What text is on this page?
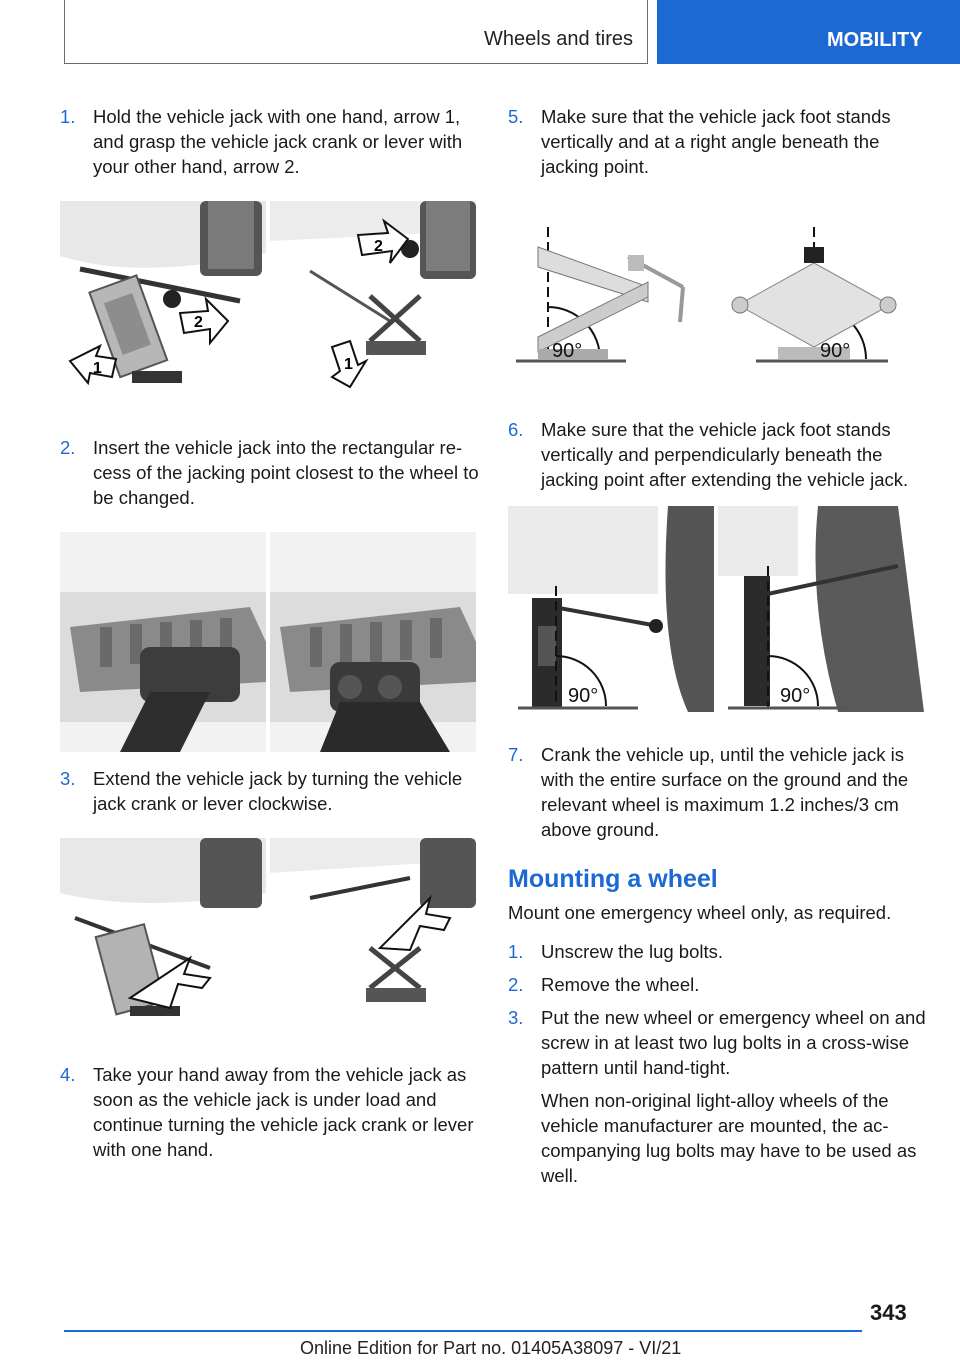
Wheels and tires	MOBILITY
1. Hold the vehicle jack with one hand, arrow 1, and grasp the vehicle jack crank or lever with your other hand, arrow 2.
1
2
2
1
2. Insert the vehicle jack into the rectangular re‐cess of the jacking point closest to the wheel to be changed.
3. Extend the vehicle jack by turning the vehicle jack crank or lever clockwise.
4. Take your hand away from the vehicle jack as soon as the vehicle jack is under load and continue turning the vehicle jack crank or lever with one hand.
5. Make sure that the vehicle jack foot stands vertically and at a right angle beneath the jacking point.
90°	90°
6. Make sure that the vehicle jack foot stands vertically and perpendicularly beneath the jacking point after extending the vehicle jack.
90°	90°
7. Crank the vehicle up, until the vehicle jack is with the entire surface on the ground and the relevant wheel is maximum 1.2 inches/3 cm above ground.
Mounting a wheel
Mount one emergency wheel only, as required.
1. Unscrew the lug bolts.
2. Remove the wheel.
3. Put the new wheel or emergency wheel on and screw in at least two lug bolts in a cross‐wise pattern until hand-tight.
When non-original light-alloy wheels of the vehicle manufacturer are mounted, the ac‐companying lug bolts may have to be used as well.
343
Online Edition for Part no. 01405A38097 - VI/21
